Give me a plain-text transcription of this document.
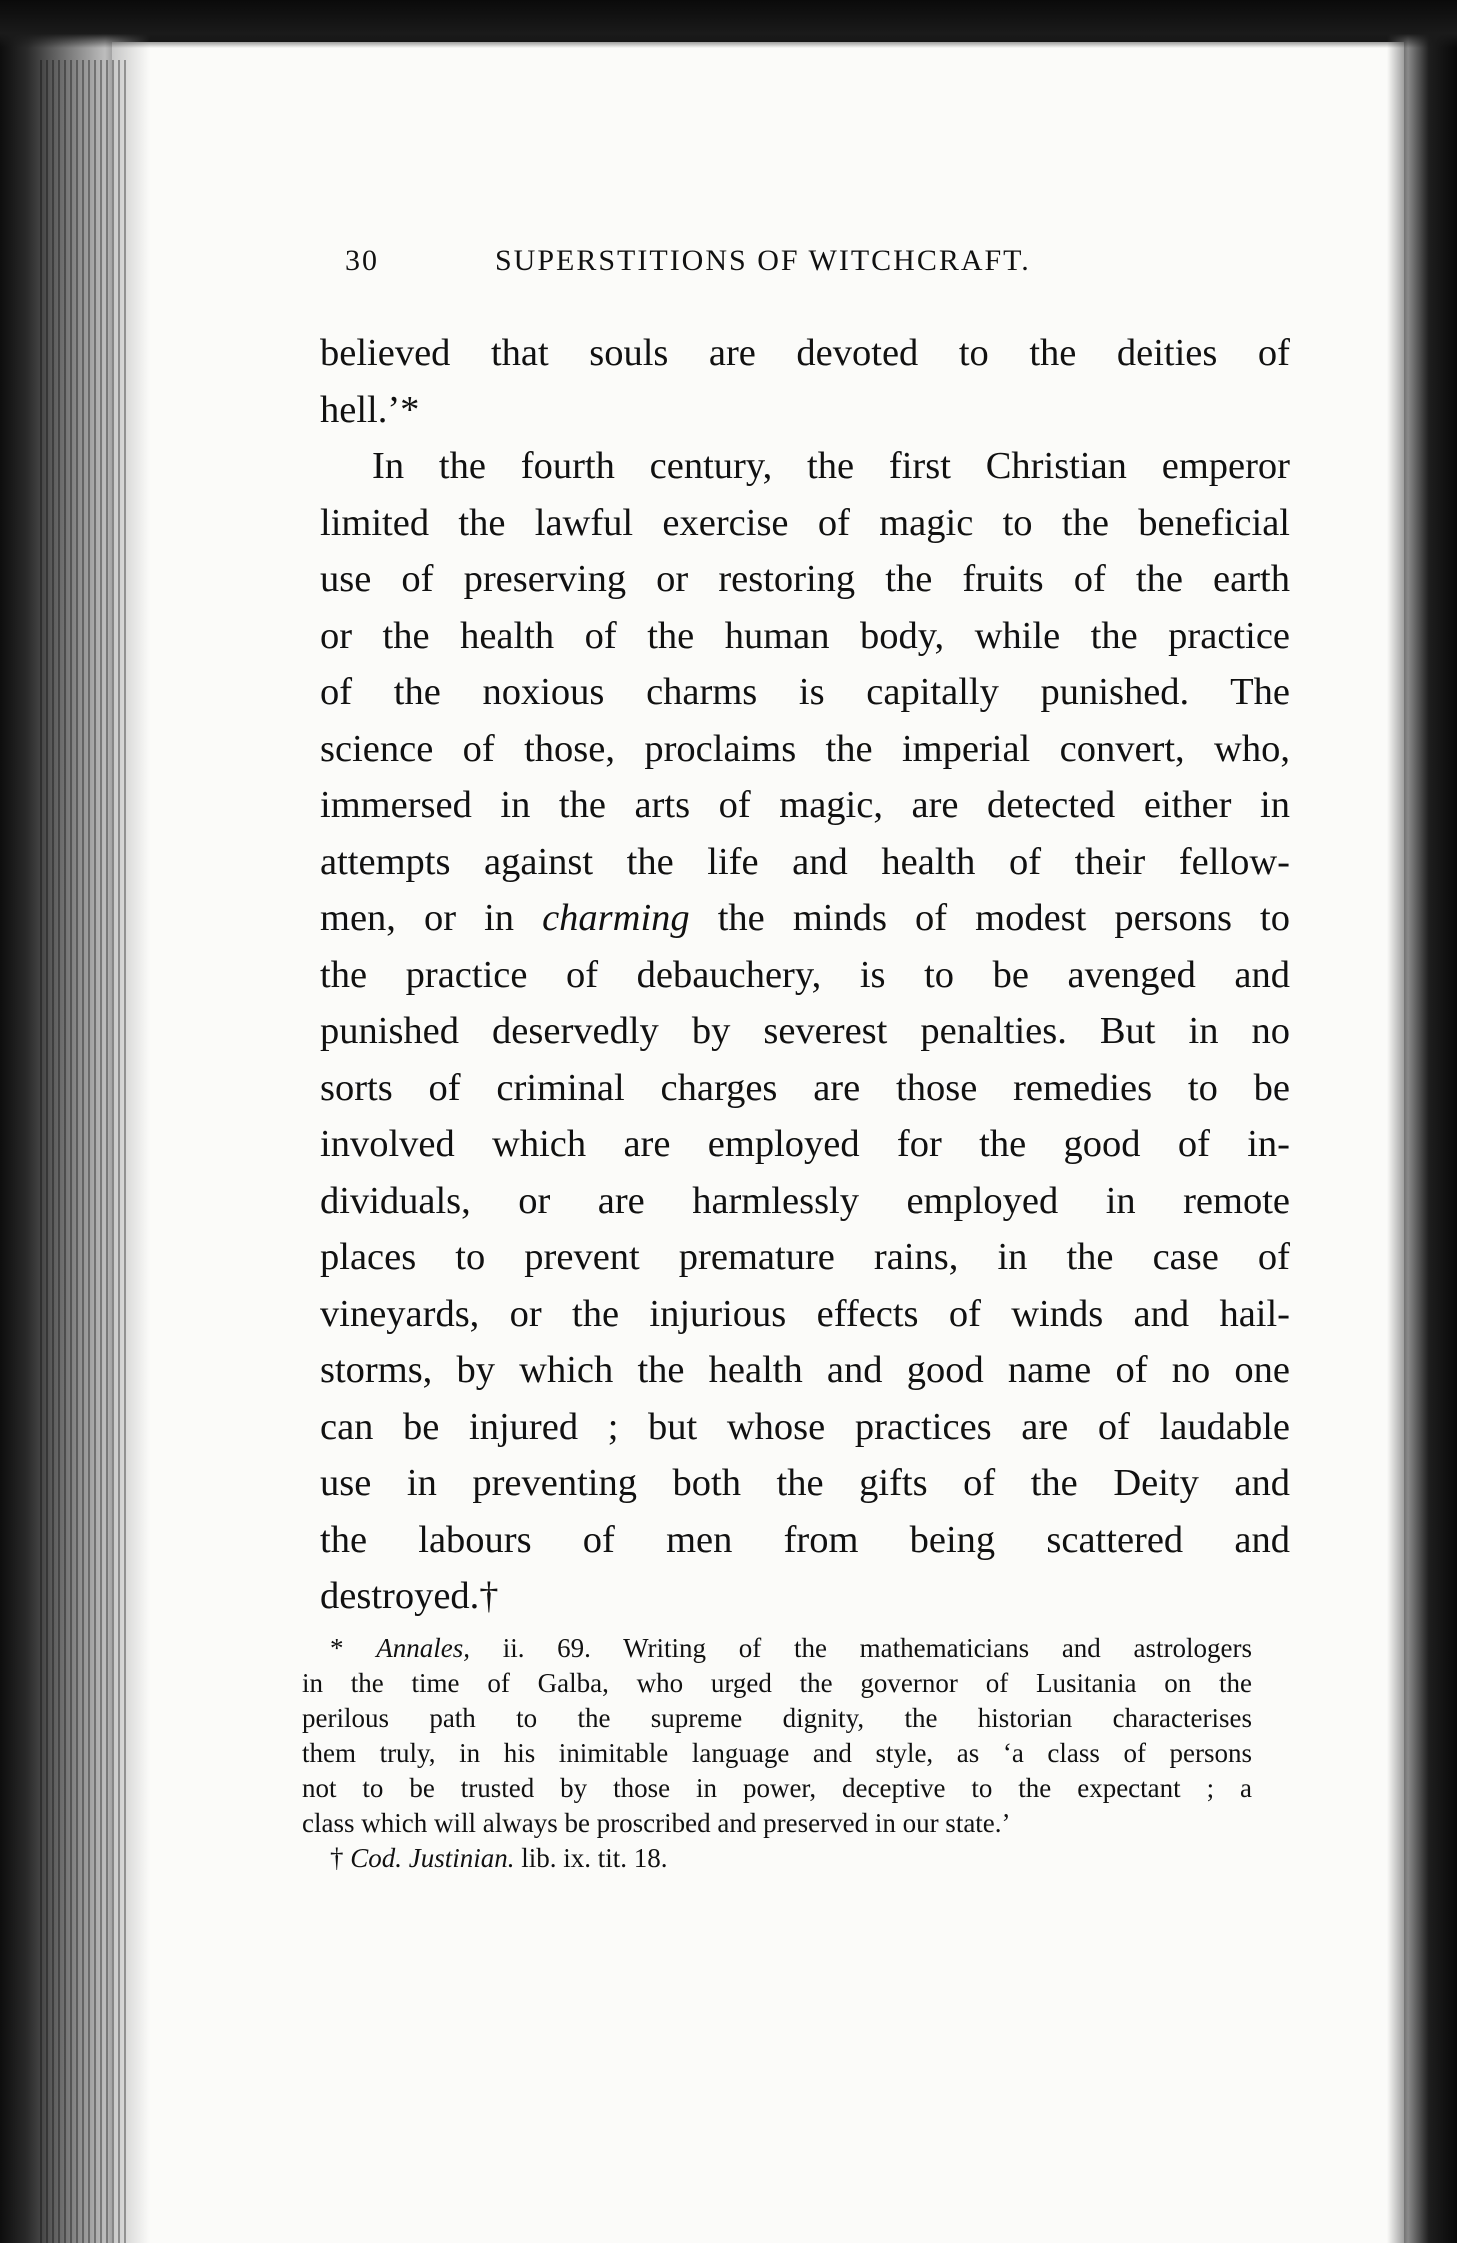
30	SUPERSTITIONS OF WITCHCRAFT.
believed that souls are devoted to the deities of
hell.’*
In the fourth century, the first Christian emperor
limited the lawful exercise of magic to the beneficial
use of preserving or restoring the fruits of the earth
or the health of the human body, while the practice
of the noxious charms is capitally punished. The
science of those, proclaims the imperial convert, who,
immersed in the arts of magic, are detected either in
attempts against the life and health of their fellow-
men, or in charming the minds of modest persons to
the practice of debauchery, is to be avenged and
punished deservedly by severest penalties. But in no
sorts of criminal charges are those remedies to be
involved which are employed for the good of in-
dividuals, or are harmlessly employed in remote
places to prevent premature rains, in the case of
vineyards, or the injurious effects of winds and hail-
storms, by which the health and good name of no one
can be injured ; but whose practices are of laudable
use in preventing both the gifts of the Deity and
the labours of men from being scattered and
destroyed.†
* Annales, ii. 69. Writing of the mathematicians and astrologers
in the time of Galba, who urged the governor of Lusitania on the
perilous path to the supreme dignity, the historian characterises
them truly, in his inimitable language and style, as ‘a class of persons
not to be trusted by those in power, deceptive to the expectant ; a
class which will always be proscribed and preserved in our state.’
† Cod. Justinian. lib. ix. tit. 18.
